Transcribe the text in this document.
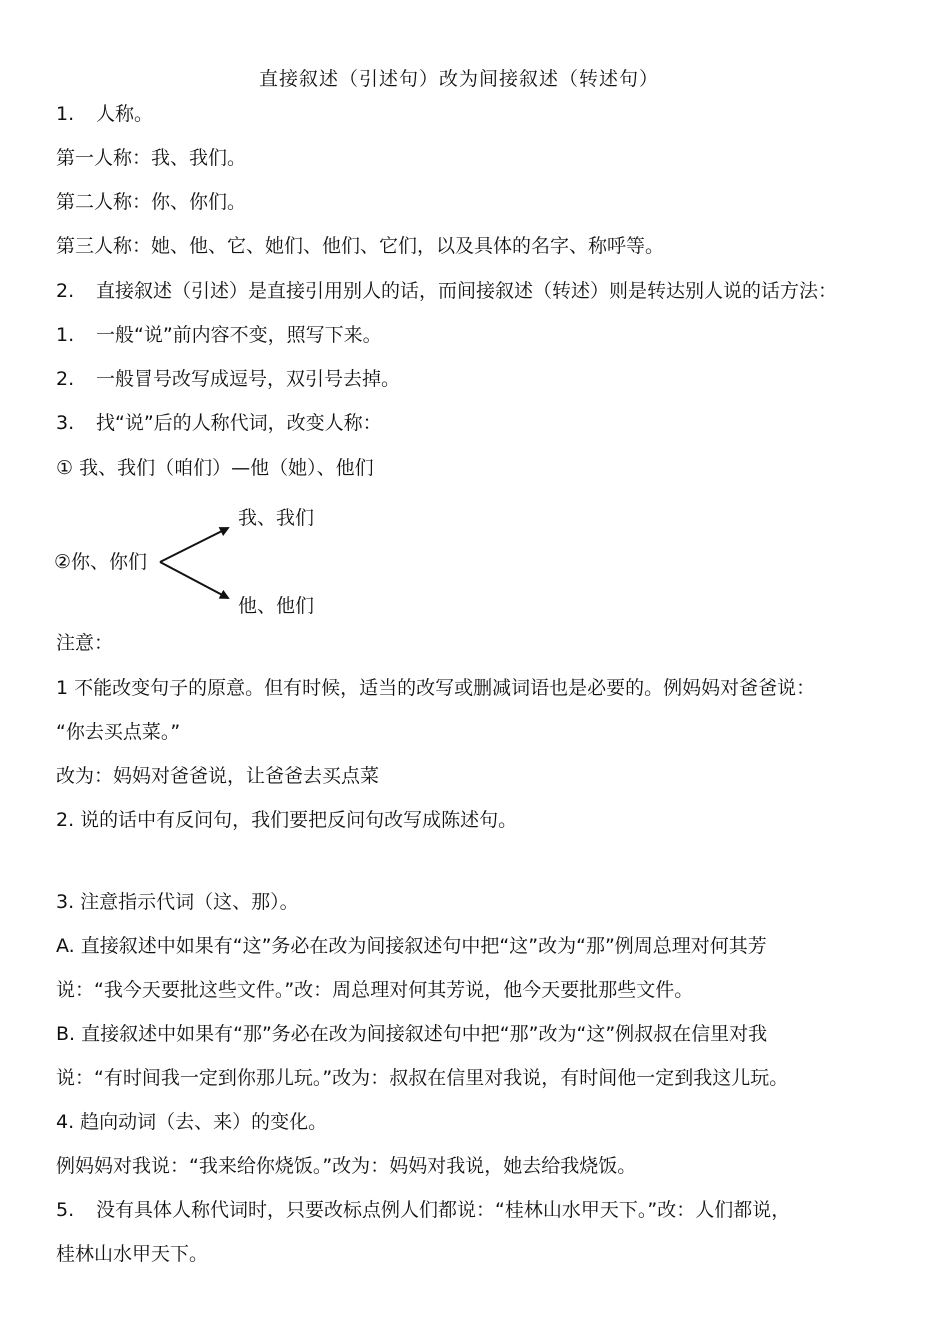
直接叙述（引述句）改为间接叙述（转述句）
1. 人称。
第一人称：我、我们。
第二人称：你、你们。
第三人称：她、他、它、她们、他们、它们，以及具体的名字、称呼等。
2. 直接叙述（引述）是直接引用别人的话，而间接叙述（转述）则是转达别人说的话方法：
1. 一般“说”前内容不变，照写下来。
2. 一般冒号改写成逗号，双引号去掉。
3. 找“说”后的人称代词，改变人称：
① 我、我们（咱们）—他（她）、他们
我、我们
②你、你们
他、他们
注意：
1 不能改变句子的原意。但有时候，适当的改写或删减词语也是必要的。例妈妈对爸爸说：
“你去买点菜。”
改为：妈妈对爸爸说，让爸爸去买点菜
2. 说的话中有反问句，我们要把反问句改写成陈述句。
3. 注意指示代词（这、那）。
A. 直接叙述中如果有“这”务必在改为间接叙述句中把“这”改为“那”例周总理对何其芳
说：“我今天要批这些文件。”改：周总理对何其芳说，他今天要批那些文件。
B. 直接叙述中如果有“那”务必在改为间接叙述句中把“那”改为“这”例叔叔在信里对我
说：“有时间我一定到你那儿玩。”改为：叔叔在信里对我说，有时间他一定到我这儿玩。
4. 趋向动词（去、来）的变化。
例妈妈对我说：“我来给你烧饭。”改为：妈妈对我说，她去给我烧饭。
5. 没有具体人称代词时，只要改标点例人们都说：“桂林山水甲天下。”改：人们都说，
桂林山水甲天下。
